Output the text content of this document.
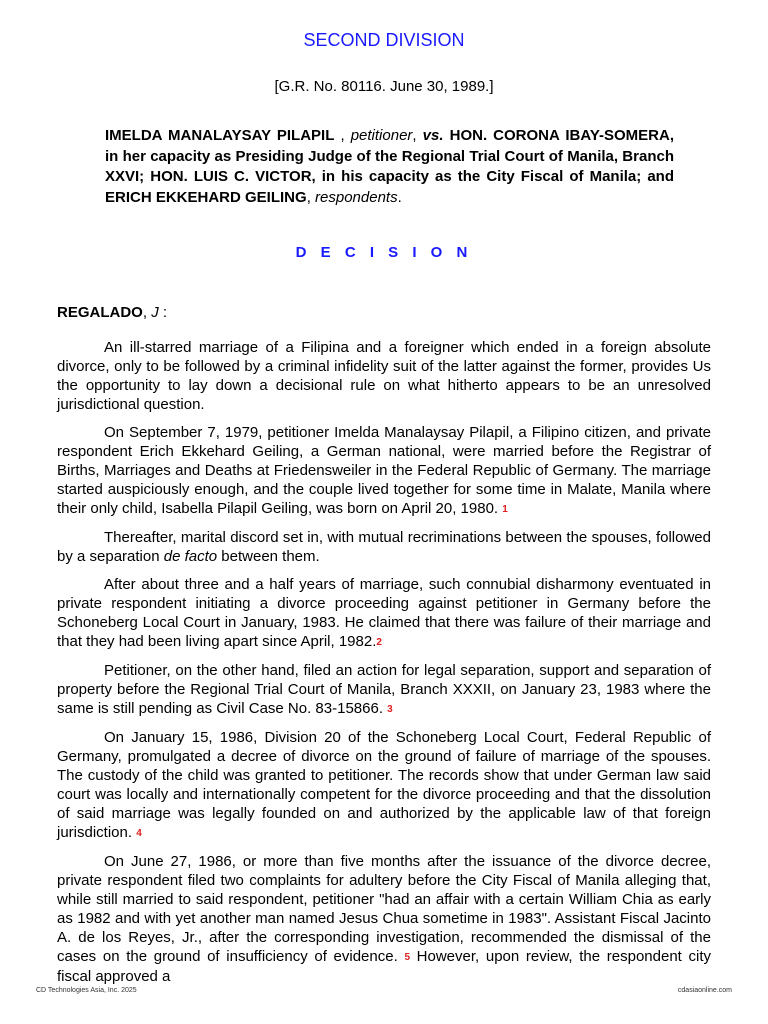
SECOND DIVISION
[G.R. No. 80116. June 30, 1989.]
IMELDA MANALAYSAY PILAPIL , petitioner, vs. HON. CORONA IBAY-SOMERA, in her capacity as Presiding Judge of the Regional Trial Court of Manila, Branch XXVI; HON. LUIS C. VICTOR, in his capacity as the City Fiscal of Manila; and ERICH EKKEHARD GEILING, respondents.
D E C I S I O N
REGALADO, J :

An ill-starred marriage of a Filipina and a foreigner which ended in a foreign absolute divorce, only to be followed by a criminal infidelity suit of the latter against the former, provides Us the opportunity to lay down a decisional rule on what hitherto appears to be an unresolved jurisdictional question.

On September 7, 1979, petitioner Imelda Manalaysay Pilapil, a Filipino citizen, and private respondent Erich Ekkehard Geiling, a German national, were married before the Registrar of Births, Marriages and Deaths at Friedensweiler in the Federal Republic of Germany. The marriage started auspiciously enough, and the couple lived together for some time in Malate, Manila where their only child, Isabella Pilapil Geiling, was born on April 20, 1980. 1

Thereafter, marital discord set in, with mutual recriminations between the spouses, followed by a separation de facto between them.

After about three and a half years of marriage, such connubial disharmony eventuated in private respondent initiating a divorce proceeding against petitioner in Germany before the Schoneberg Local Court in January, 1983. He claimed that there was failure of their marriage and that they had been living apart since April, 1982.2

Petitioner, on the other hand, filed an action for legal separation, support and separation of property before the Regional Trial Court of Manila, Branch XXXII, on January 23, 1983 where the same is still pending as Civil Case No. 83-15866. 3

On January 15, 1986, Division 20 of the Schoneberg Local Court, Federal Republic of Germany, promulgated a decree of divorce on the ground of failure of marriage of the spouses. The custody of the child was granted to petitioner. The records show that under German law said court was locally and internationally competent for the divorce proceeding and that the dissolution of said marriage was legally founded on and authorized by the applicable law of that foreign jurisdiction. 4

On June 27, 1986, or more than five months after the issuance of the divorce decree, private respondent filed two complaints for adultery before the City Fiscal of Manila alleging that, while still married to said respondent, petitioner "had an affair with a certain William Chia as early as 1982 and with yet another man named Jesus Chua sometime in 1983". Assistant Fiscal Jacinto A. de los Reyes, Jr., after the corresponding investigation, recommended the dismissal of the cases on the ground of insufficiency of evidence. 5 However, upon review, the respondent city fiscal approved a

CD Technologies Asia, Inc. 2025	cdasiaonline.com
